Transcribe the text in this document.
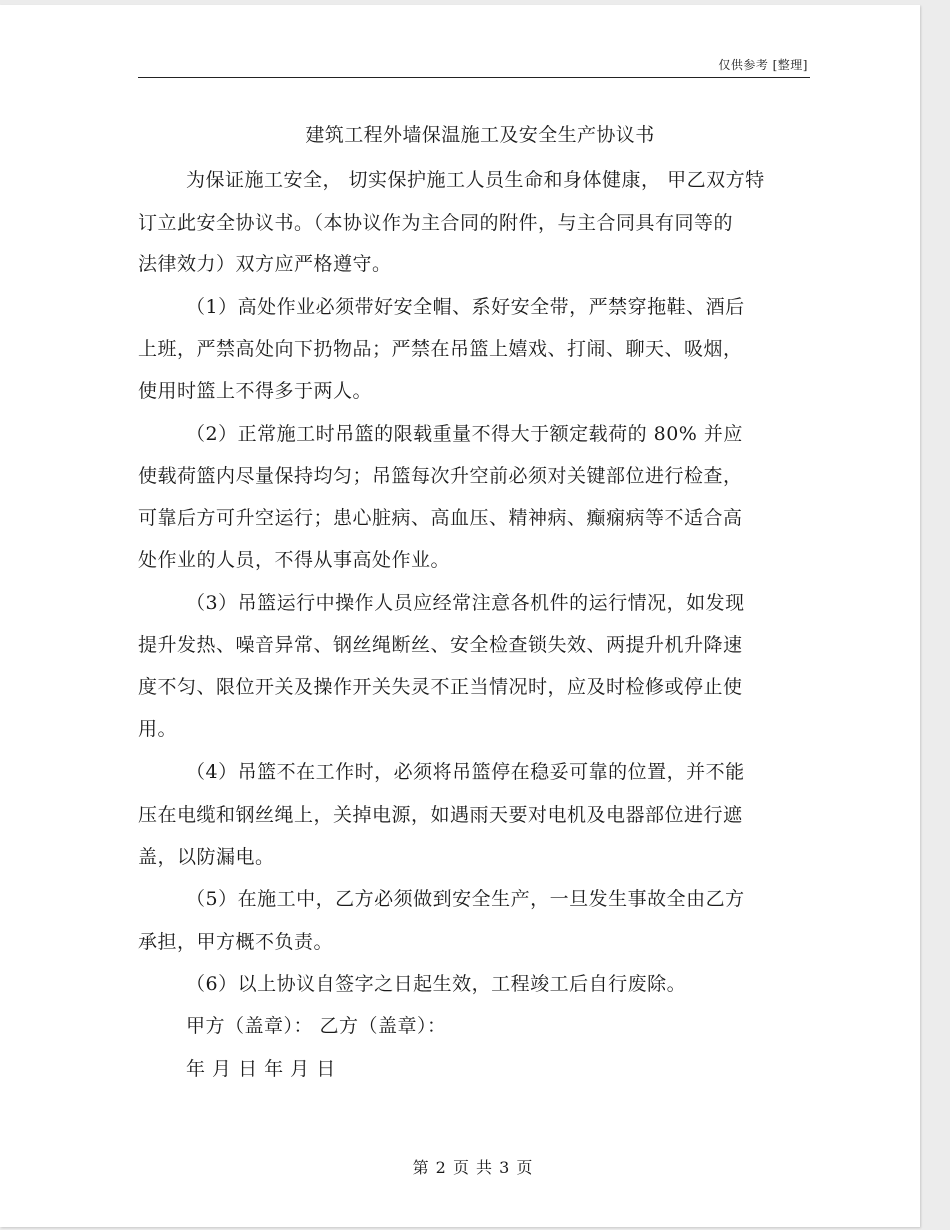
仅供参考 [整理]
建筑工程外墙保温施工及安全生产协议书
为保证施工安全， 切实保护施工人员生命和身体健康， 甲乙双方特
订立此安全协议书。（本协议作为主合同的附件，与主合同具有同等的
法律效力）双方应严格遵守。
（1）高处作业必须带好安全帽、系好安全带，严禁穿拖鞋、酒后
上班，严禁高处向下扔物品；严禁在吊篮上嬉戏、打闹、聊天、吸烟，
使用时篮上不得多于两人。
（2）正常施工时吊篮的限载重量不得大于额定载荷的 80% 并应
使载荷篮内尽量保持均匀；吊篮每次升空前必须对关键部位进行检查，
可靠后方可升空运行；患心脏病、高血压、精神病、癫痫病等不适合高
处作业的人员，不得从事高处作业。
（3）吊篮运行中操作人员应经常注意各机件的运行情况，如发现
提升发热、噪音异常、钢丝绳断丝、安全检查锁失效、两提升机升降速
度不匀、限位开关及操作开关失灵不正当情况时，应及时检修或停止使
用。
（4）吊篮不在工作时，必须将吊篮停在稳妥可靠的位置，并不能
压在电缆和钢丝绳上，关掉电源，如遇雨天要对电机及电器部位进行遮
盖，以防漏电。
（5）在施工中，乙方必须做到安全生产，一旦发生事故全由乙方
承担，甲方概不负责。
（6）以上协议自签字之日起生效，工程竣工后自行废除。
甲方（盖章）： 乙方（盖章）：
年 月 日 年 月 日
第 2 页 共 3 页
